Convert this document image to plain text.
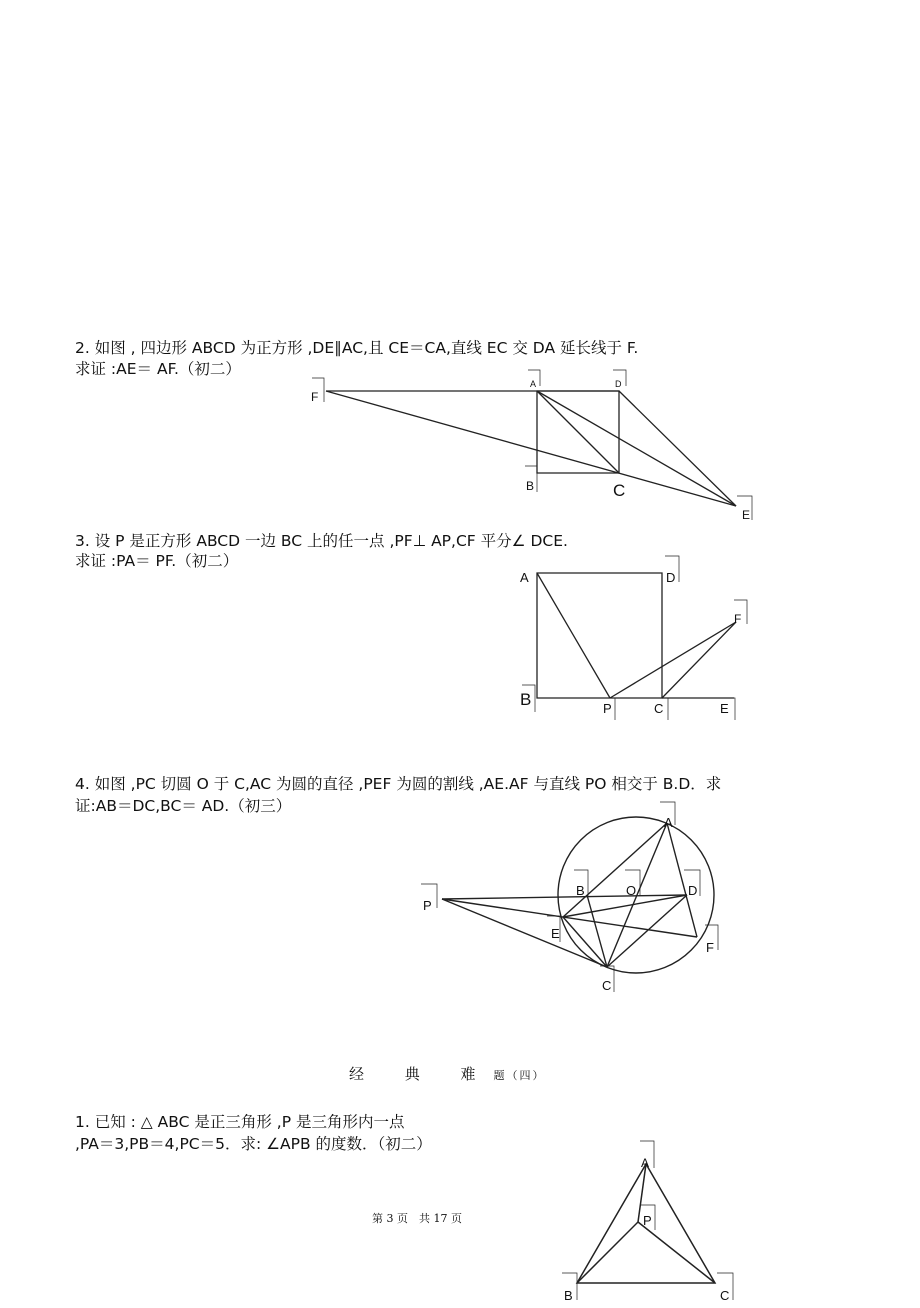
2. 如图 , 四边形 ABCD 为正方形 ,DE∥AC,且 CE＝CA,直线 EC 交 DA 延长线于 F.
求证 :AE＝ AF.（初二）
F
A	D
B	C
E
3. 设 P 是正方形 ABCD 一边 BC 上的任一点 ,PF⊥ AP,CF 平分∠ DCE.
求证 :PA＝ PF.（初二）
A	D
F
B	P	C	E
4. 如图 ,PC 切圆 O 于 C,AC 为圆的直径 ,PEF 为圆的割线 ,AE.AF 与直线 PO 相交于 B.D．求
证:AB＝DC,BC＝ AD.（初三）
A
B	O	D
P
E
F
C
经 典 难题（四）
1. 已知 : △ ABC 是正三角形 ,P 是三角形内一点
,PA＝3,PB＝4,PC＝5．求: ∠APB 的度数．（初二）
A
P
B	C
第 3 页　共 17 页
